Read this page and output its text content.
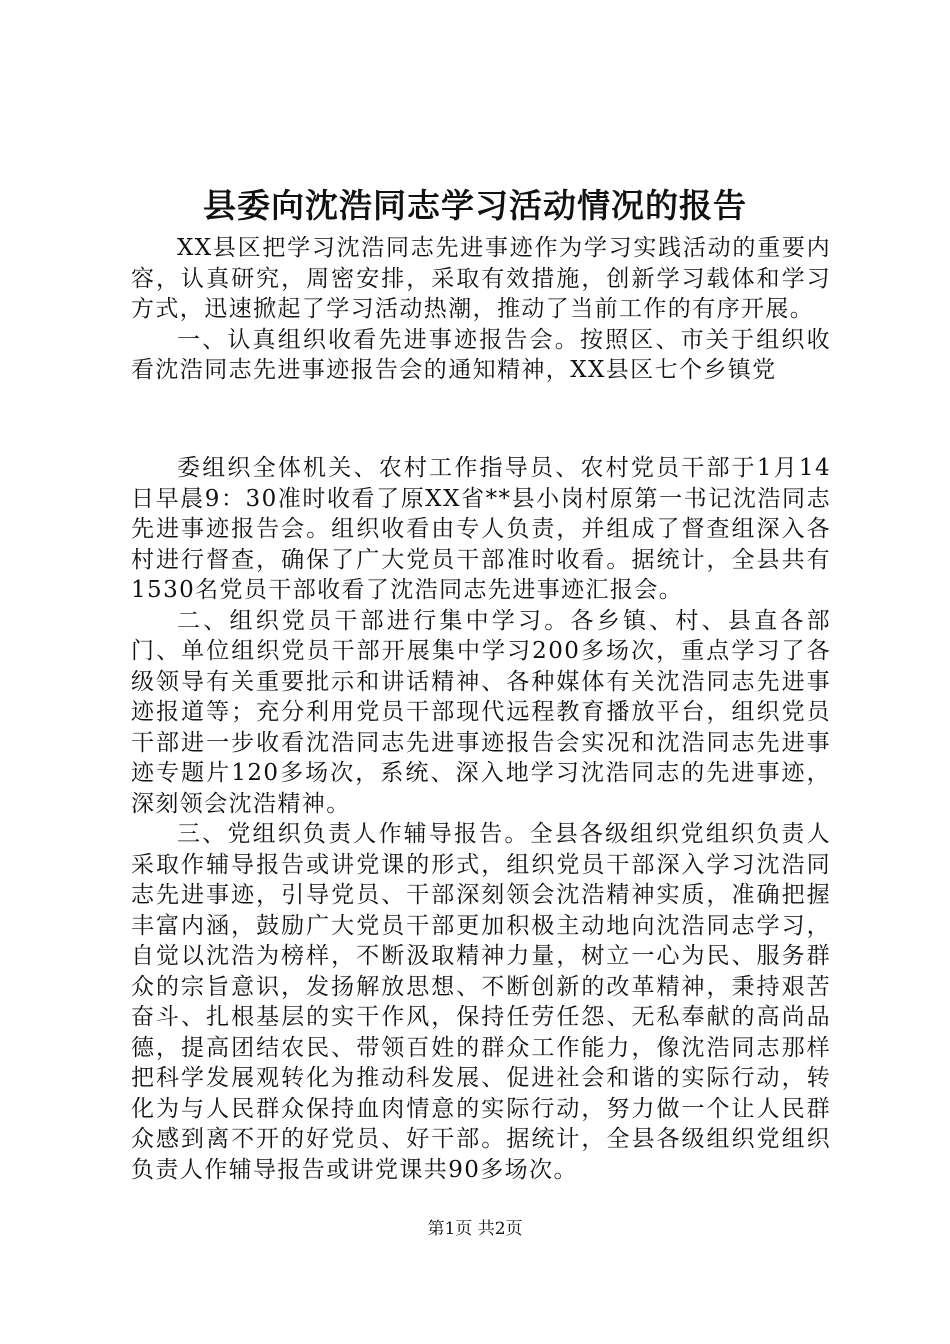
县委向沈浩同志学习活动情况的报告

XX县区把学习沈浩同志先进事迹作为学习实践活动的重要内容，认真研究，周密安排，采取有效措施，创新学习载体和学习方式，迅速掀起了学习活动热潮，推动了当前工作的有序开展。

一、认真组织收看先进事迹报告会。按照区、市关于组织收看沈浩同志先进事迹报告会的通知精神，XX县区七个乡镇党

委组织全体机关、农村工作指导员、农村党员干部于1月14日早晨9：30准时收看了原XX省**县小岗村原第一书记沈浩同志先进事迹报告会。组织收看由专人负责，并组成了督查组深入各村进行督查，确保了广大党员干部准时收看。据统计，全县共有1530名党员干部收看了沈浩同志先进事迹汇报会。

二、组织党员干部进行集中学习。各乡镇、村、县直各部门、单位组织党员干部开展集中学习200多场次，重点学习了各级领导有关重要批示和讲话精神、各种媒体有关沈浩同志先进事迹报道等；充分利用党员干部现代远程教育播放平台，组织党员干部进一步收看沈浩同志先进事迹报告会实况和沈浩同志先进事迹专题片120多场次，系统、深入地学习沈浩同志的先进事迹，深刻领会沈浩精神。

三、党组织负责人作辅导报告。全县各级组织党组织负责人采取作辅导报告或讲党课的形式，组织党员干部深入学习沈浩同志先进事迹，引导党员、干部深刻领会沈浩精神实质，准确把握丰富内涵，鼓励广大党员干部更加积极主动地向沈浩同志学习，自觉以沈浩为榜样，不断汲取精神力量，树立一心为民、服务群众的宗旨意识，发扬解放思想、不断创新的改革精神，秉持艰苦奋斗、扎根基层的实干作风，保持任劳任怨、无私奉献的高尚品德，提高团结农民、带领百姓的群众工作能力，像沈浩同志那样把科学发展观转化为推动科发展、促进社会和谐的实际行动，转化为与人民群众保持血肉情意的实际行动，努力做一个让人民群众感到离不开的好党员、好干部。据统计，全县各级组织党组织负责人作辅导报告或讲党课共90多场次。

第1页 共2页
